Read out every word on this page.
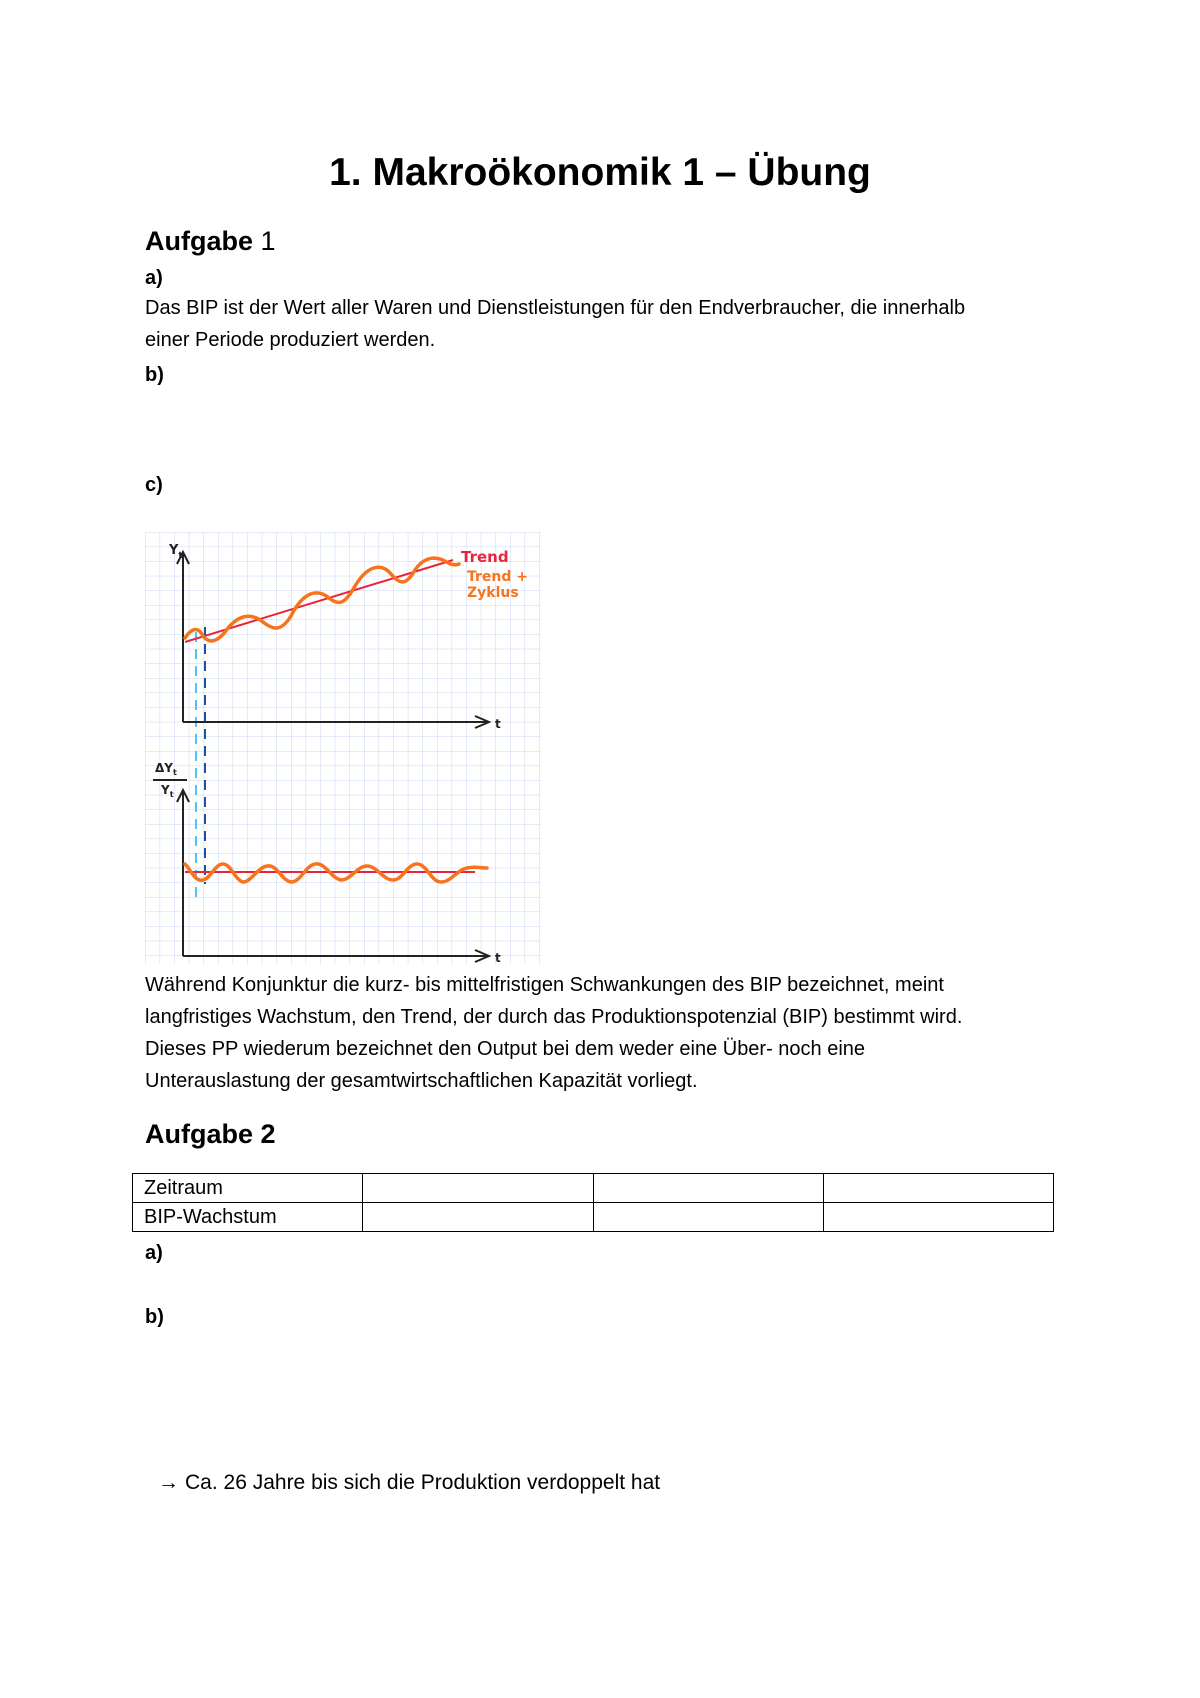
1. Makroökonomik 1 – Übung
Aufgabe 1

a)

Das BIP ist der Wert aller Waren und Dienstleistungen für den Endverbraucher, die innerhalb

einer Periode produziert werden.

b)

c)

$Y_t$
t
Trend
Trend +
Zyklus
t
$\Delta Y_t$
$Y_t$

Während Konjunktur die kurz- bis mittelfristigen Schwankungen des BIP bezeichnet, meint

langfristiges Wachstum, den Trend, der durch das Produktionspotenzial (BIP) bestimmt wird.

Dieses PP wiederum bezeichnet den Output bei dem weder eine Über- noch eine

Unterauslastung der gesamtwirtschaftlichen Kapazität vorliegt.

Aufgabe 2
Zeitraum			
BIP-Wachstum			

a)

b)

→ Ca. 26 Jahre bis sich die Produktion verdoppelt hat
